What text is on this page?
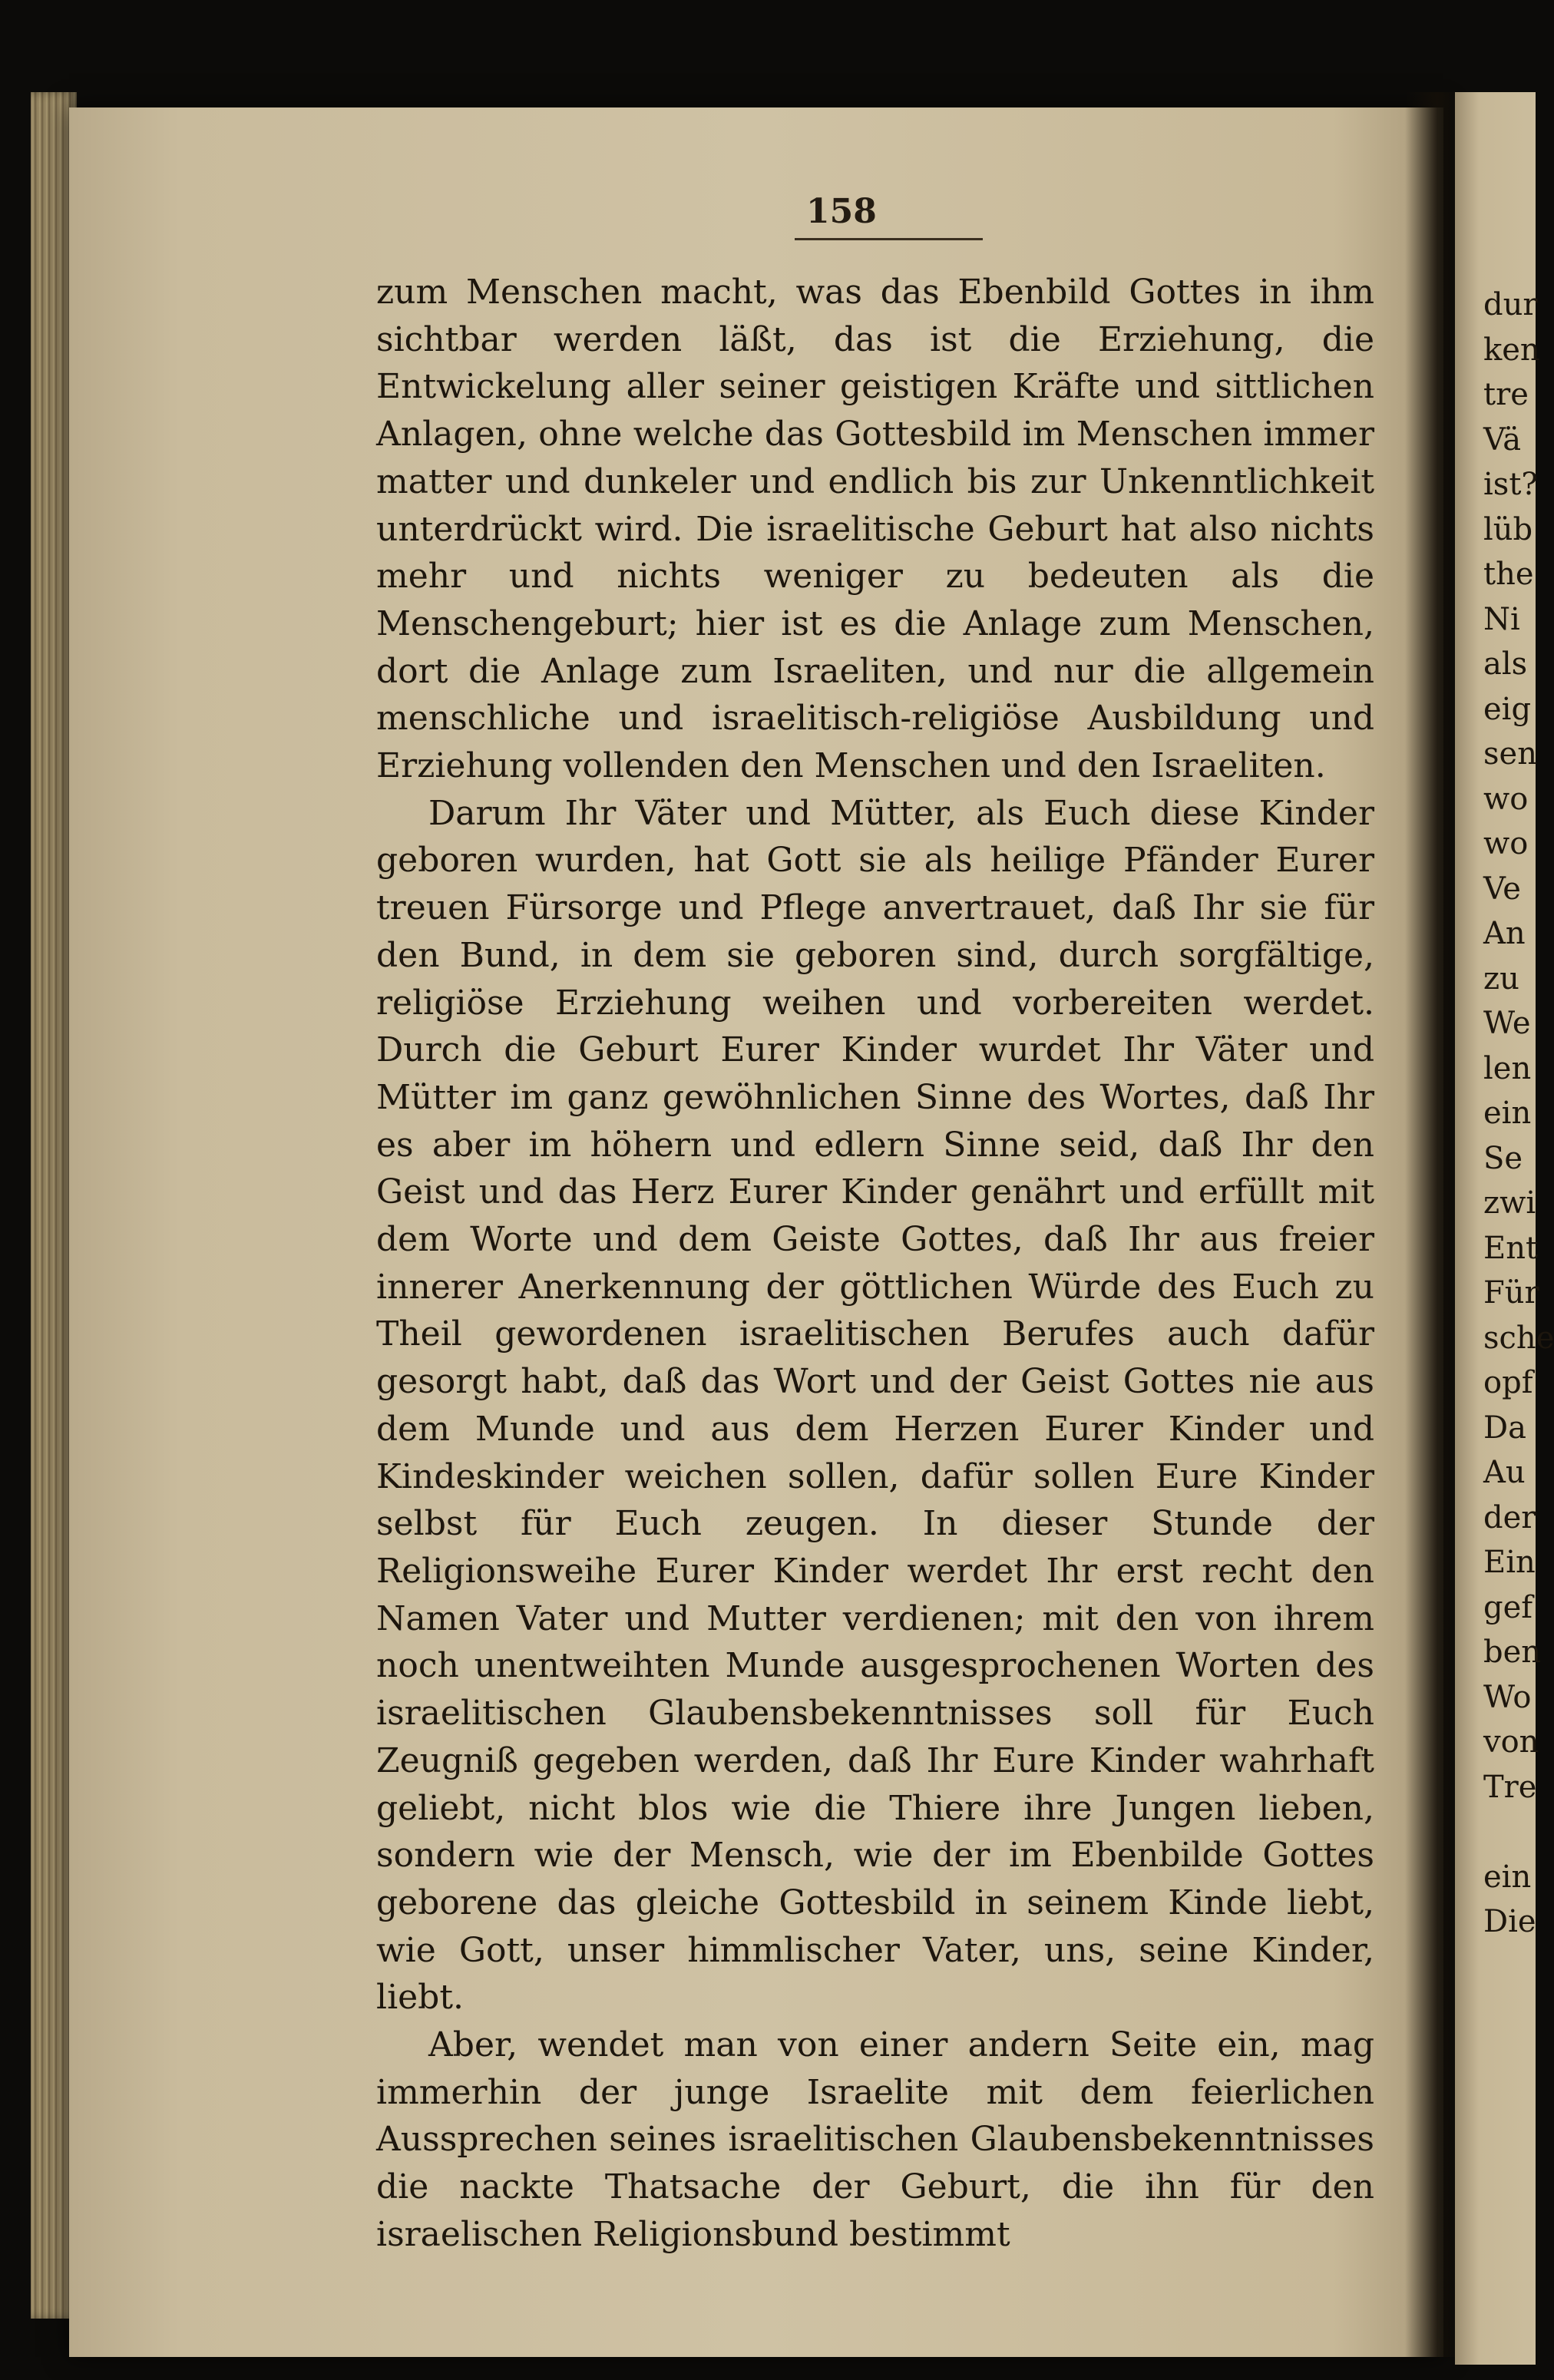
158

zum Menschen macht, was das Ebenbild Gottes in ihm sichtbar werden läßt, das ist die Erziehung, die Entwickelung aller seiner geistigen Kräfte und sittlichen Anlagen, ohne welche das Gottesbild im Menschen immer matter und dunkeler und endlich bis zur Unkenntlichkeit unterdrückt wird. Die israelitische Geburt hat also nichts mehr und nichts weniger zu bedeuten als die Menschengeburt; hier ist es die Anlage zum Menschen, dort die Anlage zum Israeliten, und nur die allgemein menschliche und israelitisch-religiöse Ausbildung und Erziehung vollenden den Menschen und den Israeliten.

Darum Ihr Väter und Mütter, als Euch diese Kinder geboren wurden, hat Gott sie als heilige Pfänder Eurer treuen Fürsorge und Pflege anvertrauet, daß Ihr sie für den Bund, in dem sie geboren sind, durch sorgfältige, religiöse Erziehung weihen und vorbereiten werdet. Durch die Geburt Eurer Kinder wurdet Ihr Väter und Mütter im ganz gewöhnlichen Sinne des Wortes, daß Ihr es aber im höhern und edlern Sinne seid, daß Ihr den Geist und das Herz Eurer Kinder genährt und erfüllt mit dem Worte und dem Geiste Gottes, daß Ihr aus freier innerer Anerkennung der göttlichen Würde des Euch zu Theil gewordenen israelitischen Berufes auch dafür gesorgt habt, daß das Wort und der Geist Gottes nie aus dem Munde und aus dem Herzen Eurer Kinder und Kindeskinder weichen sollen, dafür sollen Eure Kinder selbst für Euch zeugen. In dieser Stunde der Religionsweihe Eurer Kinder werdet Ihr erst recht den Namen Vater und Mutter verdienen; mit den von ihrem noch unentweihten Munde ausgesprochenen Worten des israelitischen Glaubensbekenntnisses soll für Euch Zeugniß gegeben werden, daß Ihr Eure Kinder wahrhaft geliebt, nicht blos wie die Thiere ihre Jungen lieben, sondern wie der Mensch, wie der im Ebenbilde Gottes geborene das gleiche Gottesbild in seinem Kinde liebt, wie Gott, unser himmlischer Vater, uns, seine Kinder, liebt.

Aber, wendet man von einer andern Seite ein, mag immerhin der junge Israelite mit dem feierlichen Aussprechen seines israelitischen Glaubensbekenntnisses die nackte Thatsache der Geburt, die ihn für den israelischen Religionsbund bestimmt

dur
ken
tre
Vä
ist?
lüb
the
Ni
als
eig
sen
wo
wo
Ve
An
zu
We
len
ein
Se
zwi
Ent
Für
sche
opf
Da
Au
der
Ein
gef
ben
Wo
von
Tre
ein
Die
